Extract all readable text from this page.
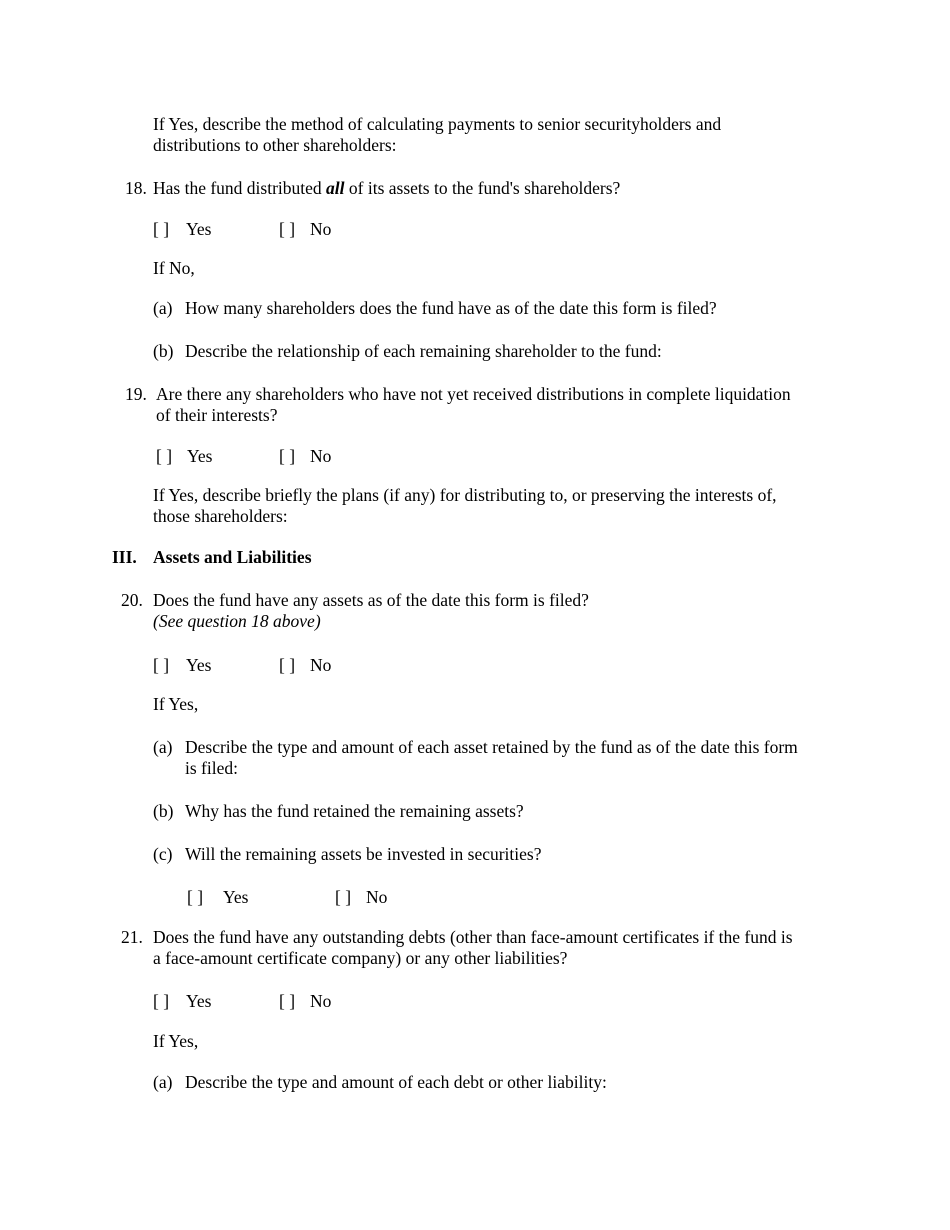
If Yes, describe the method of calculating payments to senior securityholders and
distributions to other shareholders:
18. Has the fund distributed all of its assets to the fund's shareholders?
[ ] Yes	[ ] No
If No,
(a) How many shareholders does the fund have as of the date this form is filed?
(b) Describe the relationship of each remaining shareholder to the fund:
19. Are there any shareholders who have not yet received distributions in complete liquidation
of their interests?
[ ] Yes	[ ] No
If Yes, describe briefly the plans (if any) for distributing to, or preserving the interests of,
those shareholders:
III. Assets and Liabilities
20. Does the fund have any assets as of the date this form is filed?
(See question 18 above)
[ ] Yes	[ ] No
If Yes,
(a) Describe the type and amount of each asset retained by the fund as of the date this form
is filed:
(b) Why has the fund retained the remaining assets?
(c) Will the remaining assets be invested in securities?
[ ] Yes	[ ] No
21. Does the fund have any outstanding debts (other than face-amount certificates if the fund is
a face-amount certificate company) or any other liabilities?
[ ] Yes	[ ] No
If Yes,
(a) Describe the type and amount of each debt or other liability:
